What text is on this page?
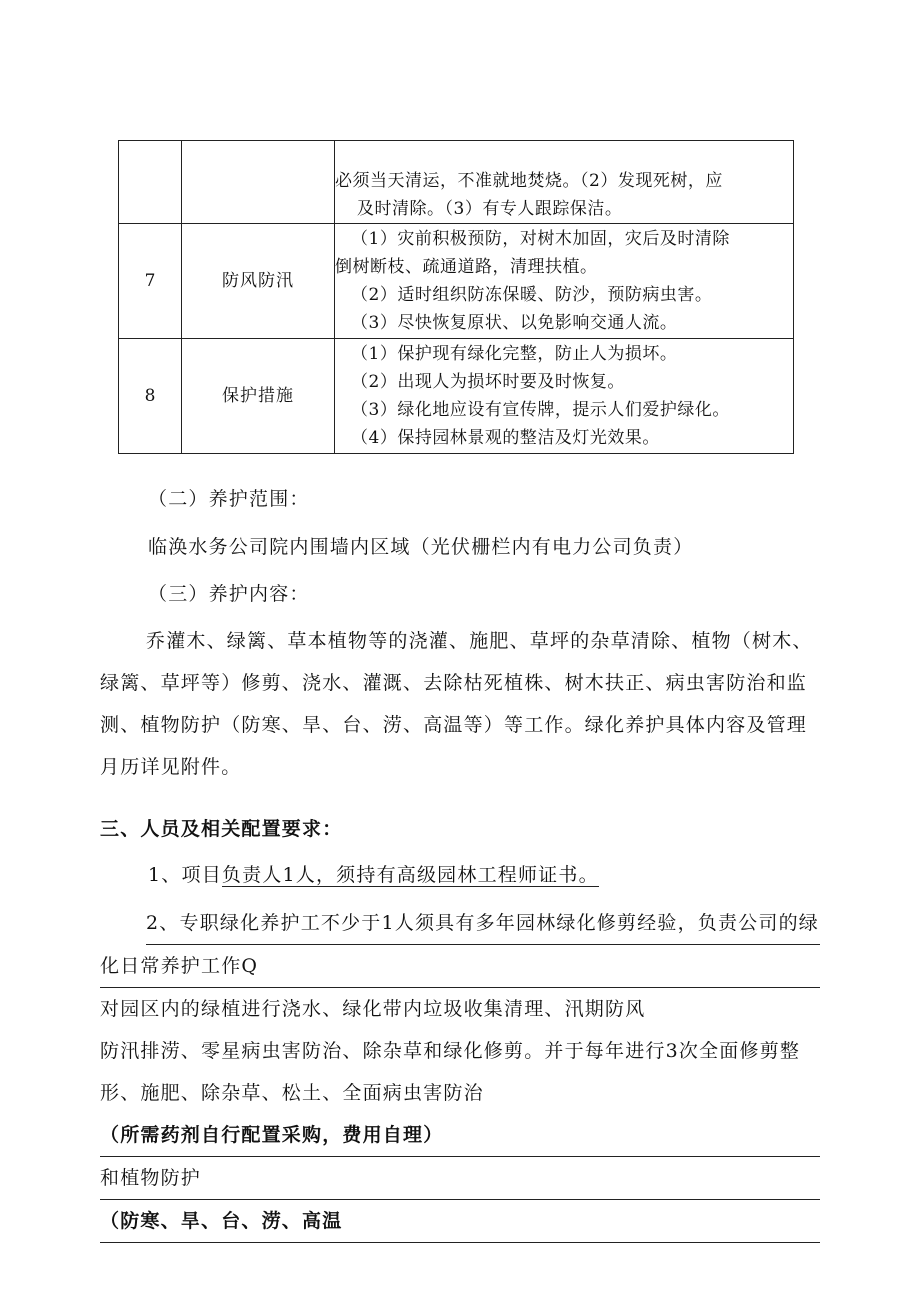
		必须当天清运，不准就地焚烧。（2）发现死树，应
及时清除。（3）有专人跟踪保洁。

7	防风防汛	（1）灾前积极预防，对树木加固，灾后及时清除
倒树断枝、疏通道路，清理扶植。
（2）适时组织防冻保暖、防沙，预防病虫害。
（3）尽快恢复原状、以免影响交通人流。

8	保护措施	（1）保护现有绿化完整，防止人为损坏。
（2）出现人为损坏时要及时恢复。
（3）绿化地应设有宣传牌，提示人们爱护绿化。
（4）保持园林景观的整洁及灯光效果。
（二）养护范围：
临涣水务公司院内围墙内区域（光伏栅栏内有电力公司负责）
（三）养护内容：
乔灌木、绿篱、草本植物等的浇灌、施肥、草坪的杂草清除、植物（树木、
绿篱、草坪等）修剪、浇水、灌溉、去除枯死植株、树木扶正、病虫害防治和监
测、植物防护（防寒、旱、台、涝、高温等）等工作。绿化养护具体内容及管理
月历详见附件。
三、人员及相关配置要求：
1、项目负责人1人，须持有高级园林工程师证书。
2、专职绿化养护工不少于1人须具有多年园林绿化修剪经验，负责公司的绿
化日常养护工作Q
对园区内的绿植进行浇水、绿化带内垃圾收集清理、汛期防风
防汛排涝、零星病虫害防治、除杂草和绿化修剪。并于每年进行3次全面修剪整
形、施肥、除杂草、松土、全面病虫害防治
（所需药剂自行配置采购，费用自理）
和植物防护
（防寒、旱、台、涝、高温
